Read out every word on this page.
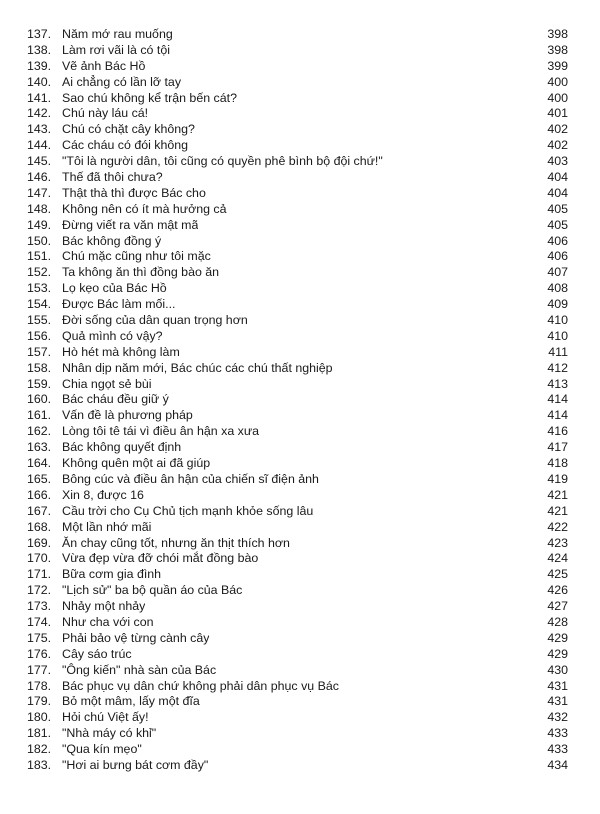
137. Năm mớ rau muống	398
138. Làm rơi vãi là có tội	398
139. Vẽ ảnh Bác Hồ	399
140. Ai chẳng có lần lỡ tay	400
141. Sao chú không kể trận bến cát?	400
142. Chú này láu cá!	401
143. Chú có chặt cây không?	402
144. Các cháu có đói không	402
145. "Tôi là người dân, tôi cũng có quyền phê bình bộ đội chứ!"	403
146. Thế đã thôi chưa?	404
147. Thật thà thì được Bác cho	404
148. Không nên có ít mà hưởng cả	405
149. Đừng viết ra văn mật mã	405
150. Bác không đồng ý	406
151. Chú mặc cũng như tôi mặc	406
152. Ta không ăn thì đồng bào ăn	407
153. Lọ kẹo của Bác Hồ	408
154. Được Bác làm mối...	409
155. Đời sống của dân quan trọng hơn	410
156. Quả mình có vậy?	410
157. Hò hét mà không làm	411
158. Nhân dịp năm mới, Bác chúc các chú thất nghiệp	412
159. Chia ngọt sẻ bùi	413
160. Bác cháu đều giữ ý	414
161. Vấn đề là phương pháp	414
162. Lòng tôi tê tái vì điều ân hận xa xưa	416
163. Bác không quyết định	417
164. Không quên một ai đã giúp	418
165. Bông cúc và điều ân hận của chiến sĩ điện ảnh	419
166. Xin 8, được 16	421
167. Cầu trời cho Cụ Chủ tịch mạnh khỏe sống lâu	421
168. Một lần nhớ mãi	422
169. Ăn chay cũng tốt, nhưng ăn thịt thích hơn	423
170. Vừa đẹp vừa đỡ chói mắt đồng bào	424
171. Bữa cơm gia đình	425
172. "Lịch sử" ba bộ quần áo của Bác	426
173. Nhảy một nhảy	427
174. Như cha với con	428
175. Phải bảo vệ từng cành cây	429
176. Cây sáo trúc	429
177. "Ông kiến" nhà sàn của Bác	430
178. Bác phục vụ dân chứ không phải dân phục vụ Bác	431
179. Bỏ một mâm, lấy một đĩa	431
180. Hỏi chú Việt ấy!	432
181. "Nhà máy có khỉ"	433
182. "Qua kín mẹo"	433
183. "Hơi ai bưng bát cơm đầy"	434
